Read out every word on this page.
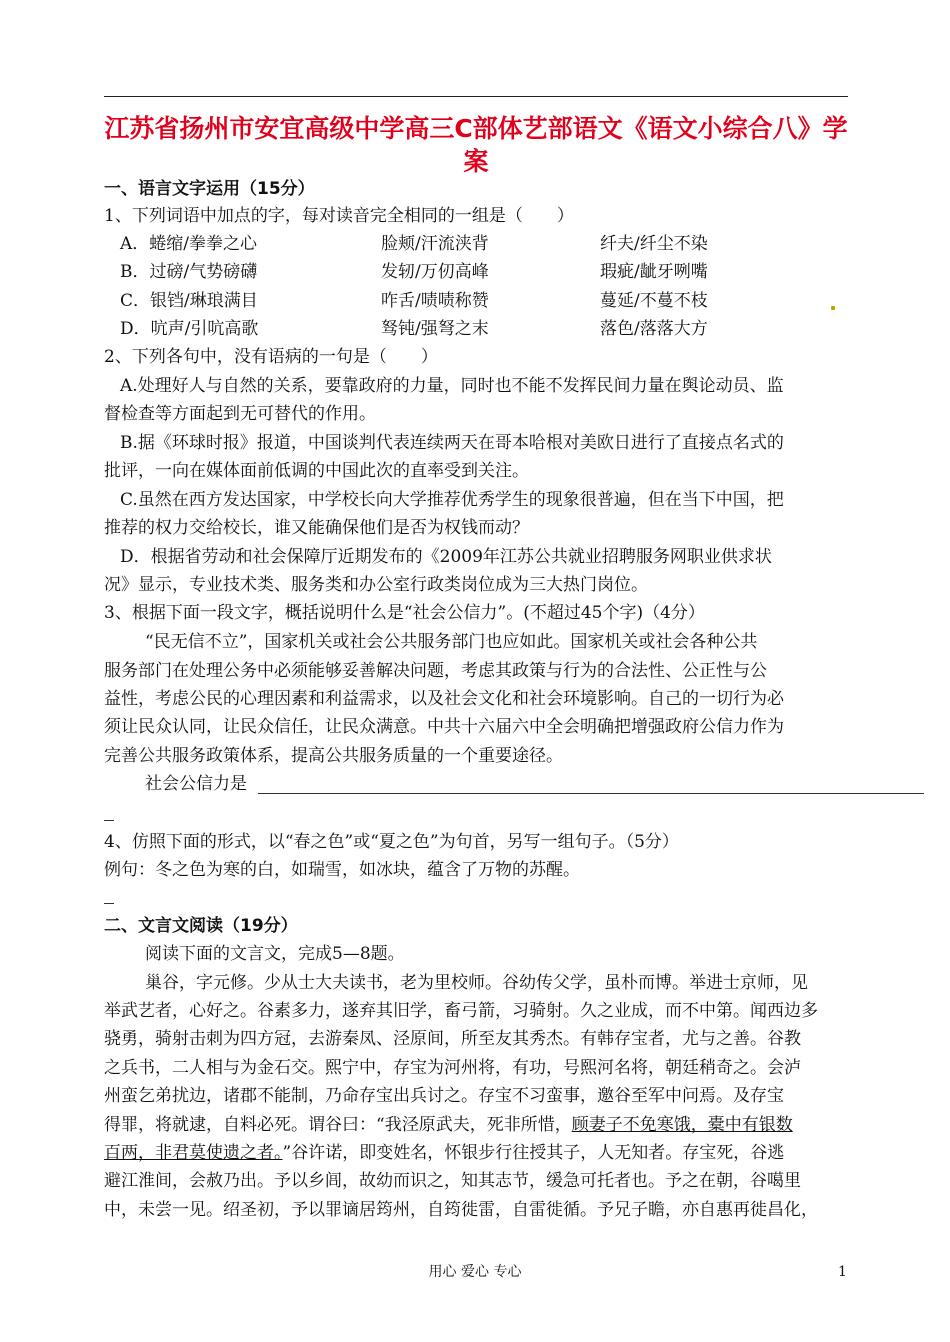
江苏省扬州市安宜高级中学高三C部体艺部语文《语文小综合八》学
案
一、语言文字运用（15分）
1、下列词语中加点的字，每对读音完全相同的一组是（　　）
A．蜷缩/拳拳之心	脸颊/汗流浃背	纤夫/纤尘不染
B．过磅/气势磅礴	发轫/万仞高峰	瑕疵/龇牙咧嘴
C．银铛/琳琅满目	咋舌/啧啧称赞	蔓延/不蔓不枝
D．吭声/引吭高歌	驽钝/强弩之末	落色/落落大方
2、下列各句中，没有语病的一句是（　　）
A.处理好人与自然的关系，要靠政府的力量，同时也不能不发挥民间力量在舆论动员、监
督检查等方面起到无可替代的作用。
B.据《环球时报》报道，中国谈判代表连续两天在哥本哈根对美欧日进行了直接点名式的
批评，一向在媒体面前低调的中国此次的直率受到关注。
C.虽然在西方发达国家，中学校长向大学推荐优秀学生的现象很普遍，但在当下中国，把
推荐的权力交给校长，谁又能确保他们是否为权钱而动？
D．根据省劳动和社会保障厅近期发布的《2009年江苏公共就业招聘服务网职业供求状
况》显示，专业技术类、服务类和办公室行政类岗位成为三大热门岗位。
3、根据下面一段文字，概括说明什么是“社会公信力”。(不超过45个字)（4分）
“民无信不立”，国家机关或社会公共服务部门也应如此。国家机关或社会各种公共
服务部门在处理公务中必须能够妥善解决问题，考虑其政策与行为的合法性、公正性与公
益性，考虑公民的心理因素和利益需求，以及社会文化和社会环境影响。自己的一切行为必
须让民众认同，让民众信任，让民众满意。中共十六届六中全会明确把增强政府公信力作为
完善公共服务政策体系，提高公共服务质量的一个重要途径。
社会公信力是
4、仿照下面的形式，以“春之色”或“夏之色”为句首，另写一组句子。（5分）
例句：冬之色为寒的白，如瑞雪，如冰块，蕴含了万物的苏醒。
二、文言文阅读（19分）
阅读下面的文言文，完成5—8题。
巢谷，字元修。少从士大夫读书，老为里校师。谷幼传父学，虽朴而博。举进士京师，见
举武艺者，心好之。谷素多力，遂弃其旧学，畜弓箭，习骑射。久之业成，而不中第。闻西边多
骁勇，骑射击刺为四方冠，去游秦凤、泾原间，所至友其秀杰。有韩存宝者，尤与之善。谷教
之兵书，二人相与为金石交。熙宁中，存宝为河州将，有功，号熙河名将，朝廷稍奇之。会泸
州蛮乞弟扰边，诸郡不能制，乃命存宝出兵讨之。存宝不习蛮事，邀谷至军中问焉。及存宝
得罪，将就逮，自料必死。谓谷曰：“我泾原武夫，死非所惜，顾妻子不免寒饿，橐中有银数
百两，非君莫使遗之者。”谷许诺，即变姓名，怀银步行往授其子，人无知者。存宝死，谷逃
避江淮间，会赦乃出。予以乡闾，故幼而识之，知其志节，缓急可托者也。予之在朝，谷噶里
中，未尝一见。绍圣初，予以罪谪居筠州，自筠徙雷，自雷徙循。予兄子瞻，亦自惠再徙昌化，
用心 爱心 专心	1
